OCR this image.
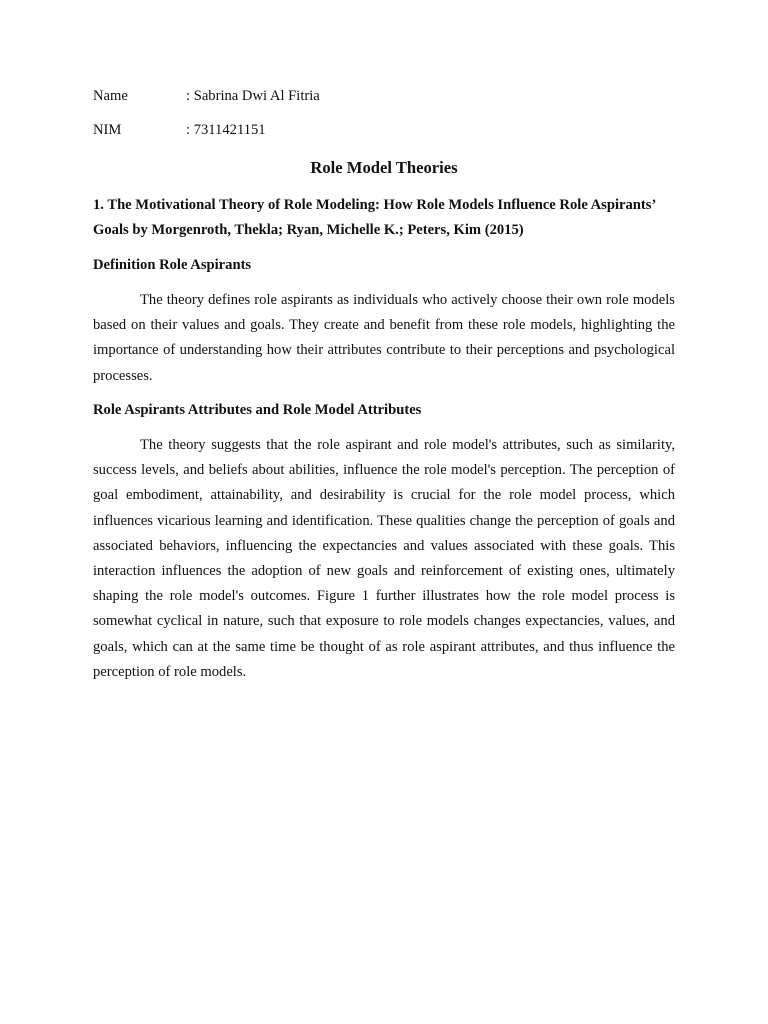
Name	: Sabrina Dwi Al Fitria
NIM	: 7311421151
Role Model Theories
1. The Motivational Theory of Role Modeling: How Role Models Influence Role Aspirants’ Goals by Morgenroth, Thekla; Ryan, Michelle K.; Peters, Kim (2015)
Definition Role Aspirants

The theory defines role aspirants as individuals who actively choose their own role models based on their values and goals. They create and benefit from these role models, highlighting the importance of understanding how their attributes contribute to their perceptions and psychological processes.

Role Aspirants Attributes and Role Model Attributes

The theory suggests that the role aspirant and role model's attributes, such as similarity, success levels, and beliefs about abilities, influence the role model's perception. The perception of goal embodiment, attainability, and desirability is crucial for the role model process, which influences vicarious learning and identification. These qualities change the perception of goals and associated behaviors, influencing the expectancies and values associated with these goals. This interaction influences the adoption of new goals and reinforcement of existing ones, ultimately shaping the role model's outcomes. Figure 1 further illustrates how the role model process is somewhat cyclical in nature, such that exposure to role models changes expectancies, values, and goals, which can at the same time be thought of as role aspirant attributes, and thus influence the perception of role models.
